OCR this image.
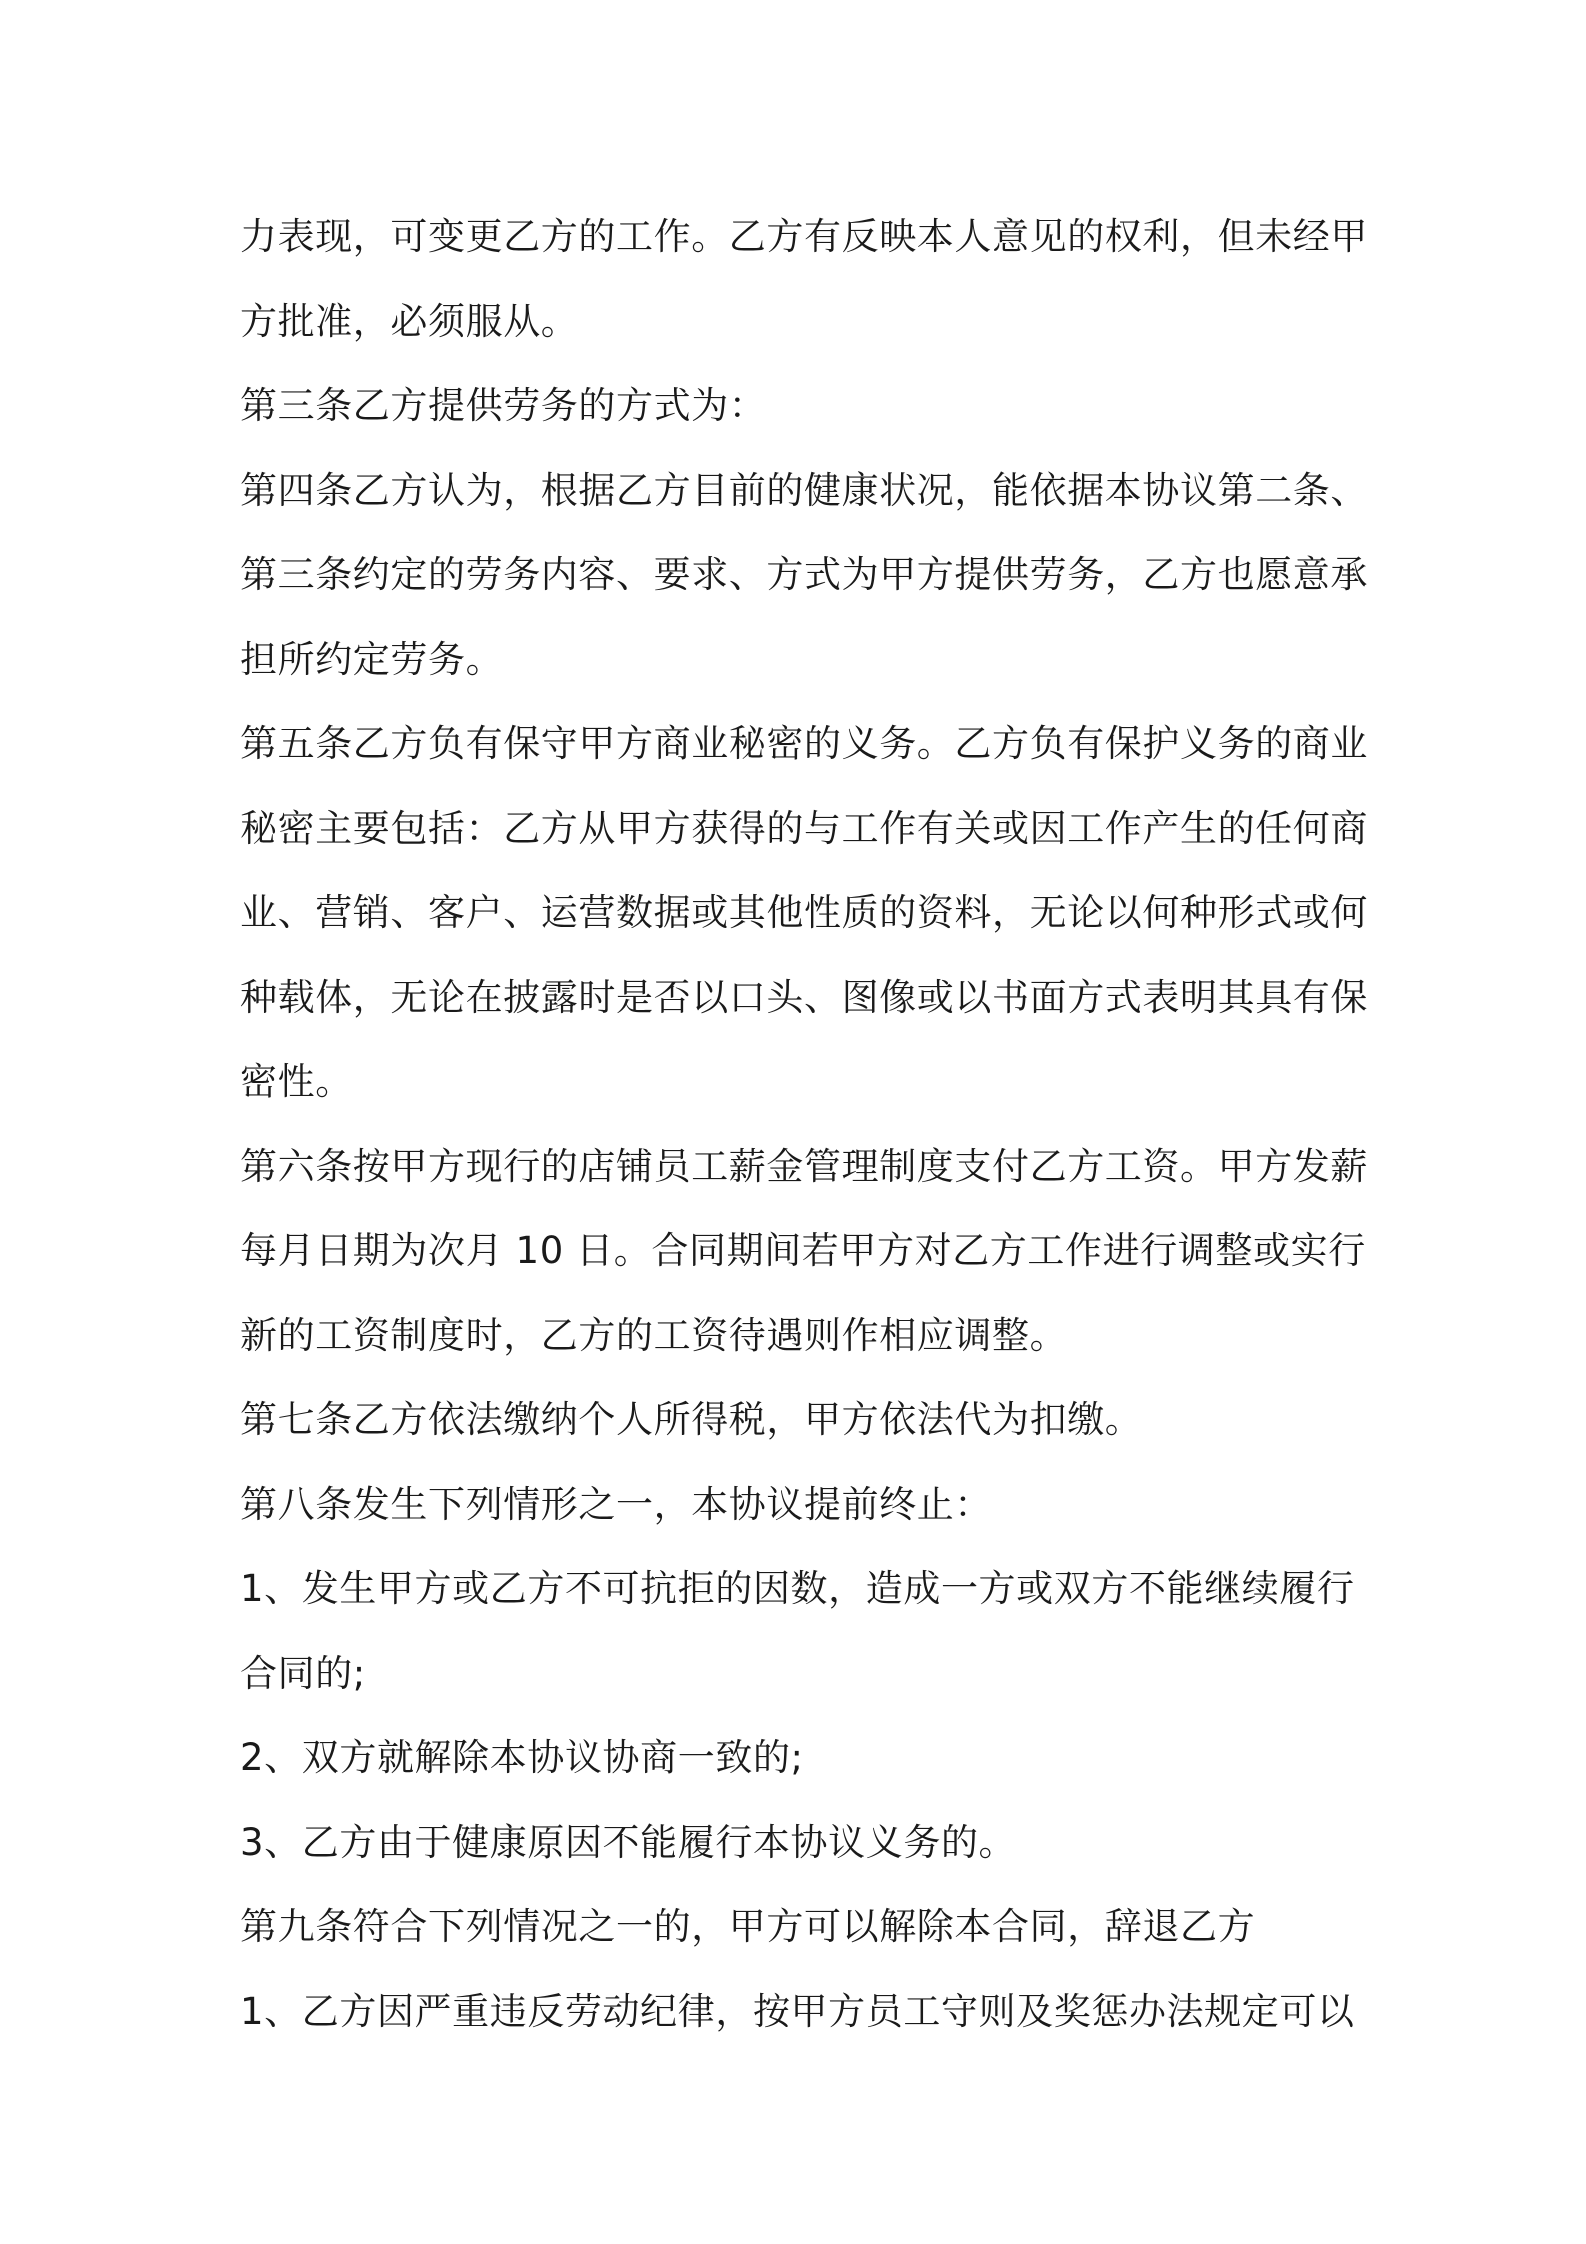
力表现，可变更乙方的工作。乙方有反映本人意见的权利，但未经甲
方批准，必须服从。
第三条乙方提供劳务的方式为：
第四条乙方认为，根据乙方目前的健康状况，能依据本协议第二条、
第三条约定的劳务内容、要求、方式为甲方提供劳务，乙方也愿意承
担所约定劳务。
第五条乙方负有保守甲方商业秘密的义务。乙方负有保护义务的商业
秘密主要包括：乙方从甲方获得的与工作有关或因工作产生的任何商
业、营销、客户、运营数据或其他性质的资料，无论以何种形式或何
种载体，无论在披露时是否以口头、图像或以书面方式表明其具有保
密性。
第六条按甲方现行的店铺员工薪金管理制度支付乙方工资。甲方发薪
每月日期为次月 10 日。合同期间若甲方对乙方工作进行调整或实行
新的工资制度时，乙方的工资待遇则作相应调整。
第七条乙方依法缴纳个人所得税，甲方依法代为扣缴。
第八条发生下列情形之一，本协议提前终止：
1、发生甲方或乙方不可抗拒的因数，造成一方或双方不能继续履行
合同的;
2、双方就解除本协议协商一致的;
3、乙方由于健康原因不能履行本协议义务的。
第九条符合下列情况之一的，甲方可以解除本合同，辞退乙方
1、乙方因严重违反劳动纪律，按甲方员工守则及奖惩办法规定可以
